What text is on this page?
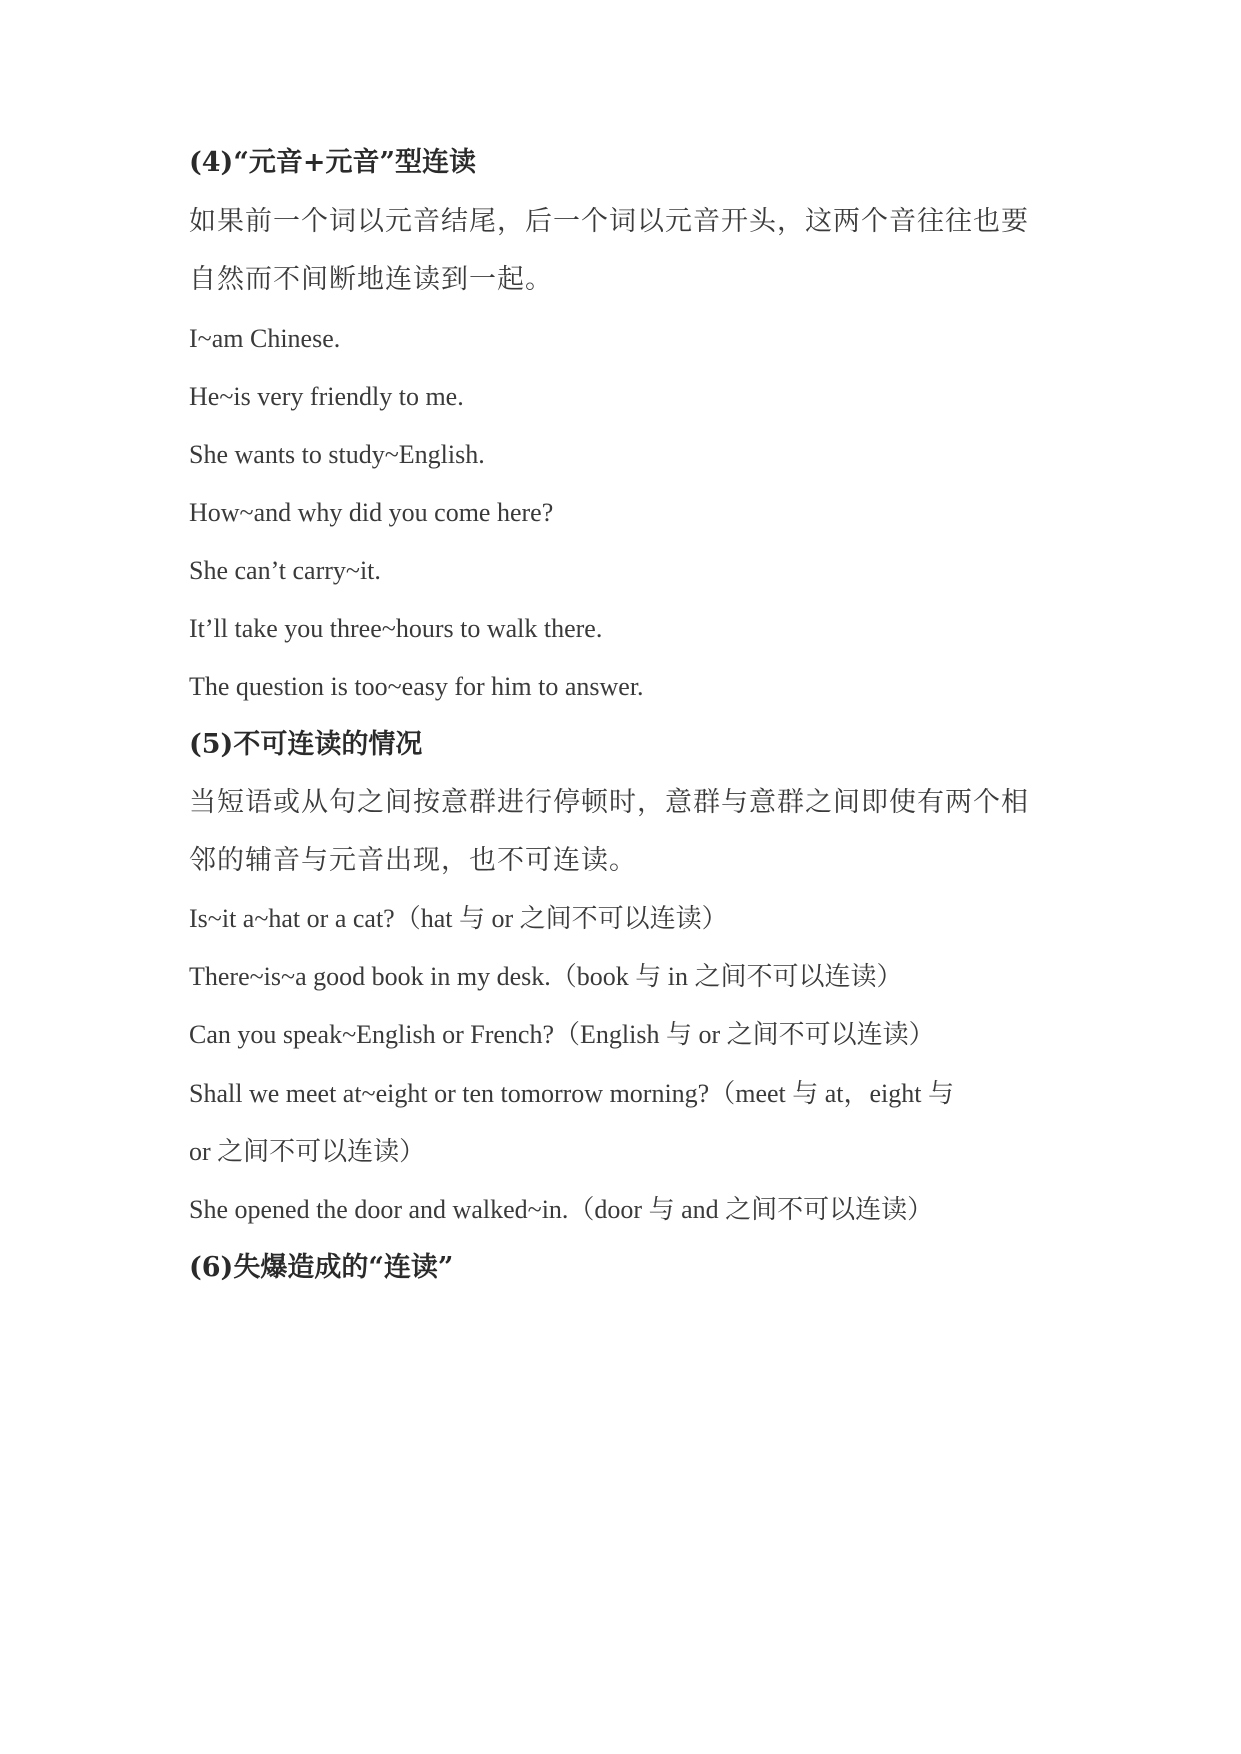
(4)“元音+元音”型连读
如果前一个词以元音结尾，后一个词以元音开头，这两个音往往也要
自然而不间断地连读到一起。
I~am Chinese.
He~is very friendly to me.
She wants to study~English.
How~and why did you come here?
She can’t carry~it.
It’ll take you three~hours to walk there.
The question is too~easy for him to answer.
(5)不可连读的情况
当短语或从句之间按意群进行停顿时，意群与意群之间即使有两个相
邻的辅音与元音出现，也不可连读。
Is~it a~hat or a cat?（hat 与 or 之间不可以连读）
There~is~a good book in my desk.（book 与 in 之间不可以连读）
Can you speak~English or French?（English 与 or 之间不可以连读）
Shall we meet at~eight or ten tomorrow morning?（meet 与 at，eight 与
or 之间不可以连读）
She opened the door and walked~in.（door 与 and 之间不可以连读）
(6)失爆造成的“连读”
